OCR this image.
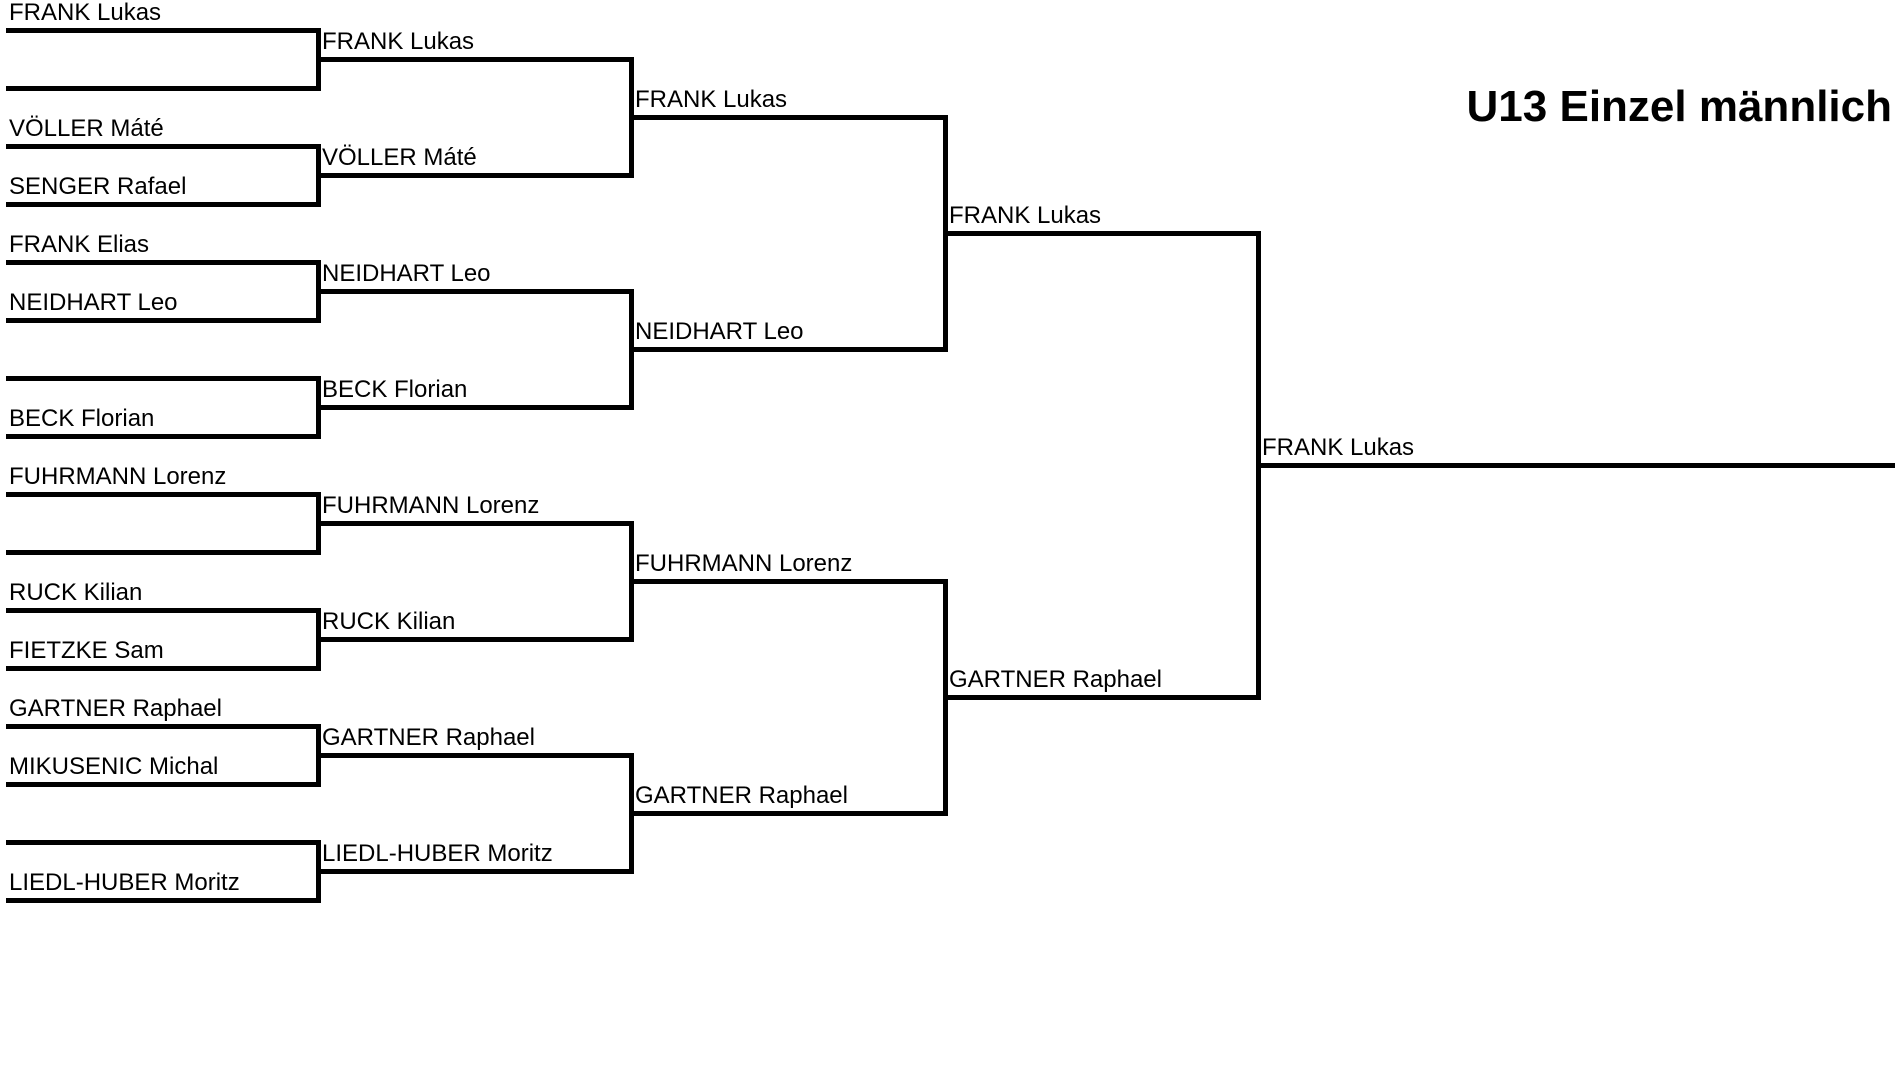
U13 Einzel männlich
FRANK Lukas
VÖLLER Máté
SENGER Rafael
FRANK Elias
NEIDHART Leo
BECK Florian
FUHRMANN Lorenz
RUCK Kilian
FIETZKE Sam
GARTNER Raphael
MIKUSENIC Michal
LIEDL-HUBER Moritz
FRANK Lukas
VÖLLER Máté
NEIDHART Leo
BECK Florian
FUHRMANN Lorenz
RUCK Kilian
GARTNER Raphael
LIEDL-HUBER Moritz
FRANK Lukas
NEIDHART Leo
FUHRMANN Lorenz
GARTNER Raphael
FRANK Lukas
GARTNER Raphael
FRANK Lukas
